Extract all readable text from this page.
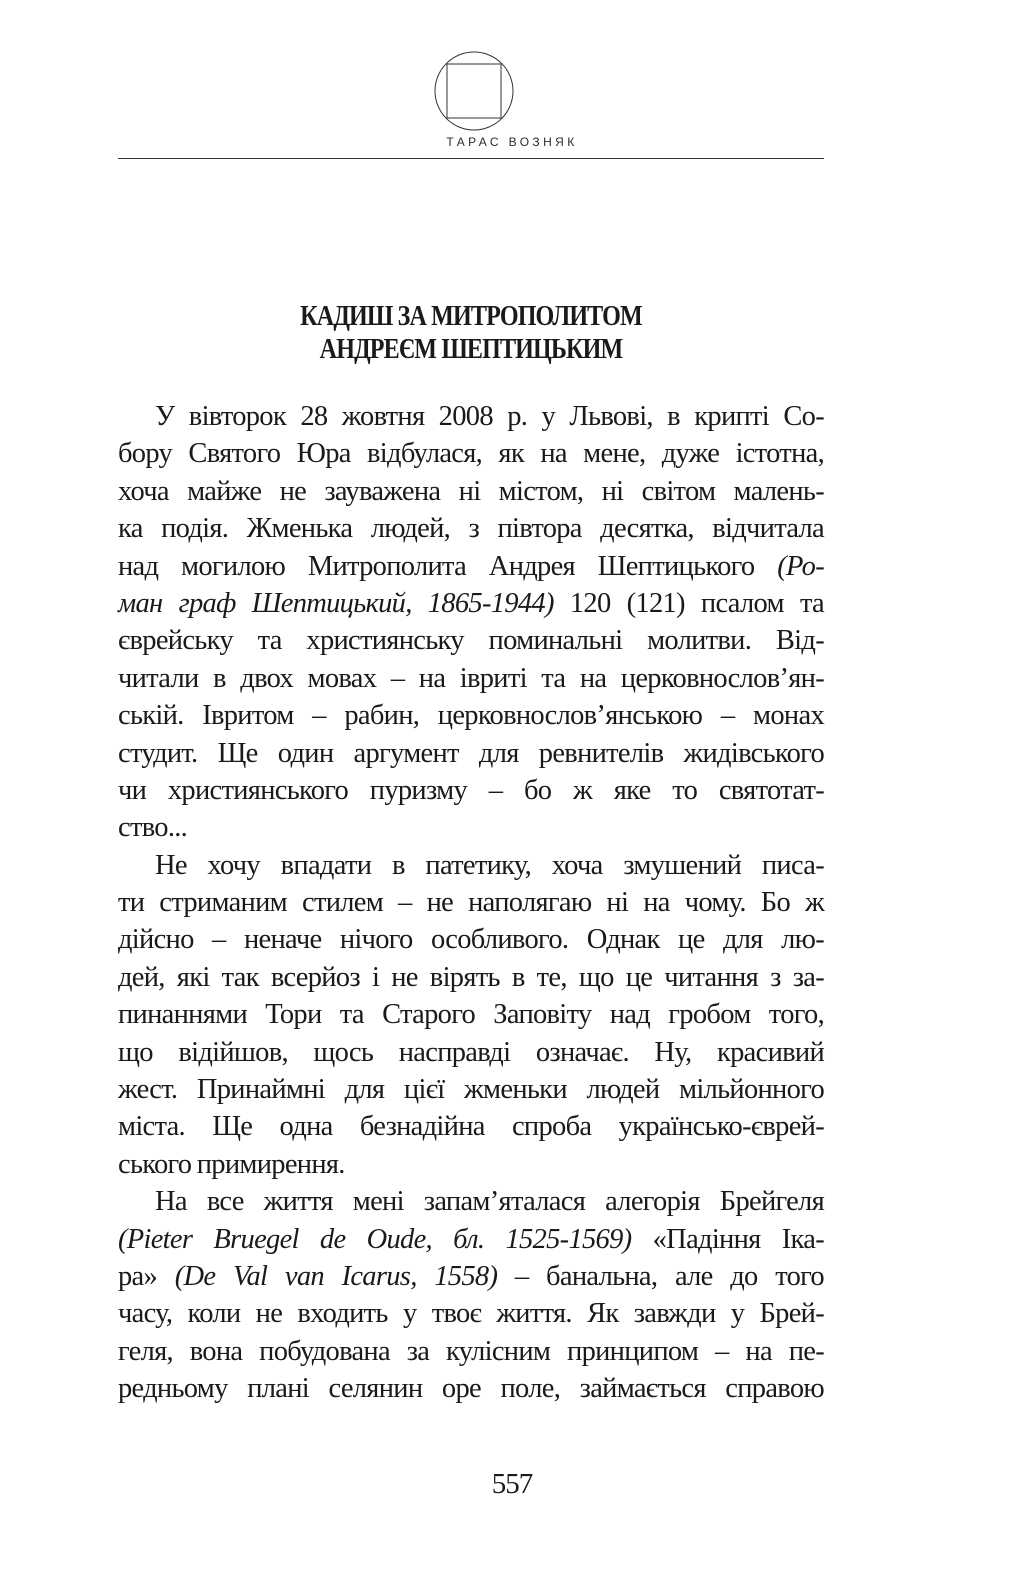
ТАРАС ВОЗНЯК
КАДИШ ЗА МИТРОПОЛИТОМ
АНДРЕЄМ ШЕПТИЦЬКИМ
У вівторок 28 жовтня 2008 р. у Львові, в крипті Со-
бору Святого Юра відбулася, як на мене, дуже істотна,
хоча майже не зауважена ні містом, ні світом малень-
ка подія. Жменька людей, з півтора десятка, відчитала
над могилою Митрополита Андрея Шептицького (Ро-
ман граф Шептицький, 1865-1944) 120 (121) псалом та
єврейську та християнську поминальні молитви. Від-
читали в двох мовах – на івриті та на церковнослов’ян-
ській. Івритом – рабин, церковнослов’янською – монах
студит. Ще один аргумент для ревнителів жидівського
чи християнського пуризму – бо ж яке то святотат-
ство...
Не хочу впадати в патетику, хоча змушений писа-
ти стриманим стилем – не наполягаю ні на чому. Бо ж
дійсно – неначе нічого особливого. Однак це для лю-
дей, які так всерйоз і не вірять в те, що це читання з за-
пинаннями Тори та Старого Заповіту над гробом того,
що відійшов, щось насправді означає. Ну, красивий
жест. Принаймні для цієї жменьки людей мільйонного
міста. Ще одна безнадійна спроба українсько-єврей-
ського примирення.
На все життя мені запам’яталася алегорія Брейгеля
(Pieter Bruegel de Oude, бл. 1525-1569) «Падіння Іка-
ра» (De Val van Icarus, 1558) – банальна, але до того
часу, коли не входить у твоє життя. Як завжди у Брей-
геля, вона побудована за кулісним принципом – на пе-
редньому плані селянин оре поле, займається справою
557
